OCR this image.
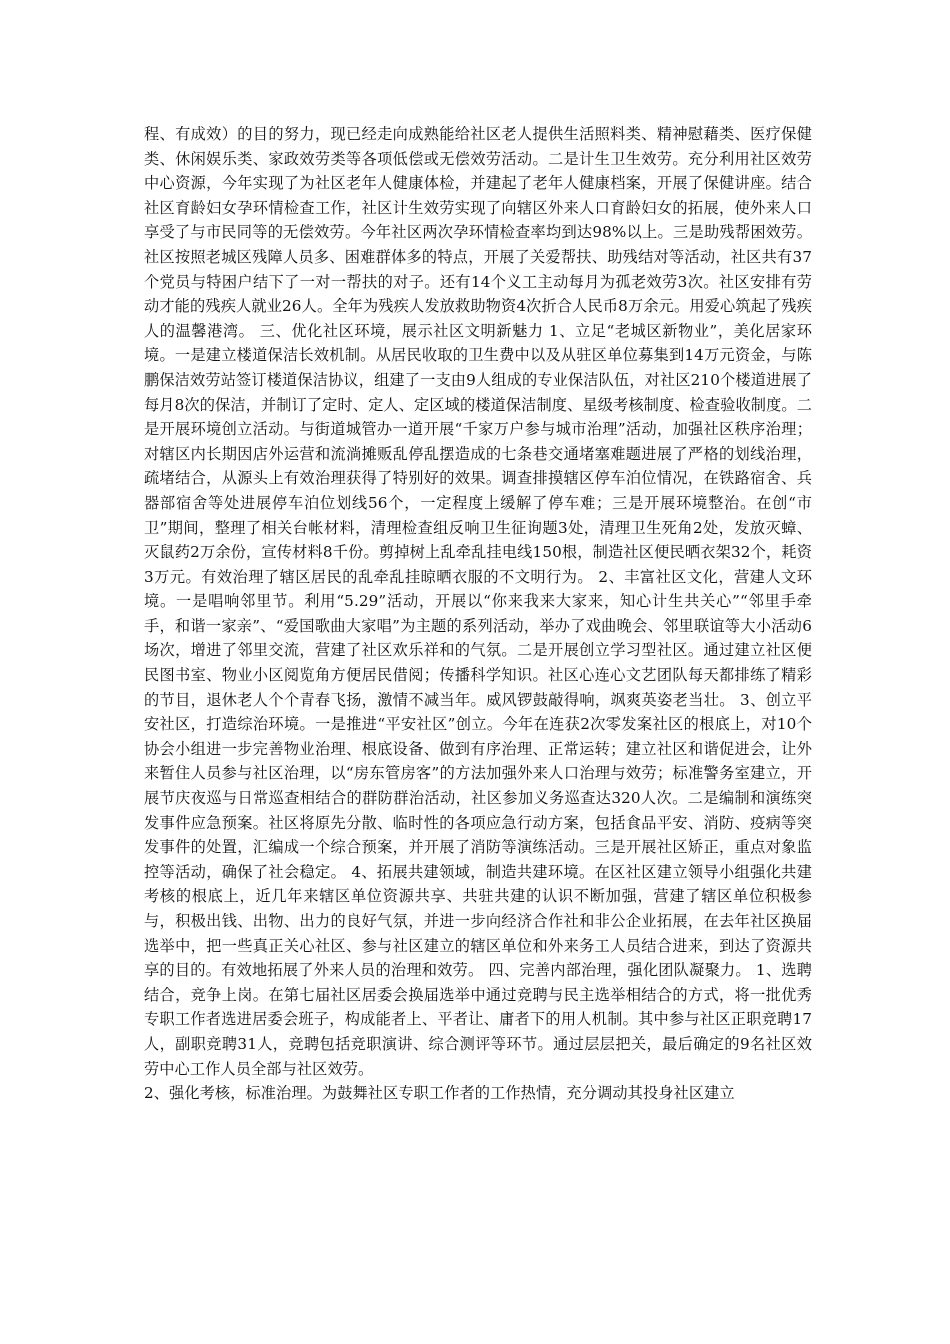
程、有成效）的目的努力，现已经走向成熟能给社区老人提供生活照料类、精神慰藉类、医疗保健类、休闲娱乐类、家政效劳类等各项低偿或无偿效劳活动。二是计生卫生效劳。充分利用社区效劳中心资源，今年实现了为社区老年人健康体检，并建起了老年人健康档案，开展了保健讲座。结合社区育龄妇女孕环情检查工作，社区计生效劳实现了向辖区外来人口育龄妇女的拓展，使外来人口享受了与市民同等的无偿效劳。今年社区两次孕环情检查率均到达98%以上。三是助残帮困效劳。社区按照老城区残障人员多、困难群体多的特点，开展了关爱帮扶、助残结对等活动，社区共有37个党员与特困户结下了一对一帮扶的对子。还有14个义工主动每月为孤老效劳3次。社区安排有劳动才能的残疾人就业26人。全年为残疾人发放救助物资4次折合人民币8万余元。用爱心筑起了残疾人的温馨港湾。 三、优化社区环境，展示社区文明新魅力 1、立足“老城区新物业”，美化居家环境。一是建立楼道保洁长效机制。从居民收取的卫生费中以及从驻区单位募集到14万元资金，与陈鹏保洁效劳站签订楼道保洁协议，组建了一支由9人组成的专业保洁队伍，对社区210个楼道进展了每月8次的保洁，并制订了定时、定人、定区域的楼道保洁制度、星级考核制度、检查验收制度。二是开展环境创立活动。与街道城管办一道开展“千家万户参与城市治理”活动，加强社区秩序治理；对辖区内长期因店外运营和流淌摊贩乱停乱摆造成的七条巷交通堵塞难题进展了严格的划线治理，疏堵结合，从源头上有效治理获得了特别好的效果。调查排摸辖区停车泊位情况，在铁路宿舍、兵器部宿舍等处进展停车泊位划线56个，一定程度上缓解了停车难；三是开展环境整治。在创“市卫”期间，整理了相关台帐材料，清理检查组反响卫生征询题3处，清理卫生死角2处，发放灭蟑、灭鼠药2万余份，宣传材料8千份。剪掉树上乱牵乱挂电线150根，制造社区便民晒衣架32个，耗资3万元。有效治理了辖区居民的乱牵乱挂晾晒衣服的不文明行为。 2、丰富社区文化，营建人文环境。一是唱响邻里节。利用“5.29”活动，开展以“你来我来大家来，知心计生共关心”“邻里手牵手，和谐一家亲”、“爱国歌曲大家唱”为主题的系列活动，举办了戏曲晚会、邻里联谊等大小活动6场次，增进了邻里交流，营建了社区欢乐祥和的气氛。二是开展创立学习型社区。通过建立社区便民图书室、物业小区阅览角方便居民借阅；传播科学知识。社区心连心文艺团队每天都排练了精彩的节目，退休老人个个青春飞扬，激情不减当年。威风锣鼓敲得响，飒爽英姿老当壮。 3、创立平安社区，打造综治环境。一是推进“平安社区”创立。今年在连获2次零发案社区的根底上，对10个协会小组进一步完善物业治理、根底设备、做到有序治理、正常运转；建立社区和谐促进会，让外来暂住人员参与社区治理，以“房东管房客”的方法加强外来人口治理与效劳；标准警务室建立，开展节庆夜巡与日常巡查相结合的群防群治活动，社区参加义务巡查达320人次。二是编制和演练突发事件应急预案。社区将原先分散、临时性的各项应急行动方案，包括食品平安、消防、疫病等突发事件的处置，汇编成一个综合预案，并开展了消防等演练活动。三是开展社区矫正，重点对象监控等活动，确保了社会稳定。 4、拓展共建领域，制造共建环境。在区社区建立领导小组强化共建考核的根底上，近几年来辖区单位资源共享、共驻共建的认识不断加强，营建了辖区单位积极参与，积极出钱、出物、出力的良好气氛，并进一步向经济合作社和非公企业拓展，在去年社区换届选举中，把一些真正关心社区、参与社区建立的辖区单位和外来务工人员结合进来，到达了资源共享的目的。有效地拓展了外来人员的治理和效劳。 四、完善内部治理，强化团队凝聚力。 1、选聘结合，竞争上岗。在第七届社区居委会换届选举中通过竞聘与民主选举相结合的方式，将一批优秀专职工作者选进居委会班子，构成能者上、平者让、庸者下的用人机制。其中参与社区正职竞聘17人，副职竞聘31人，竞聘包括竞职演讲、综合测评等环节。通过层层把关，最后确定的9名社区效劳中心工作人员全部与社区效劳。

2、强化考核，标准治理。为鼓舞社区专职工作者的工作热情，充分调动其投身社区建立
